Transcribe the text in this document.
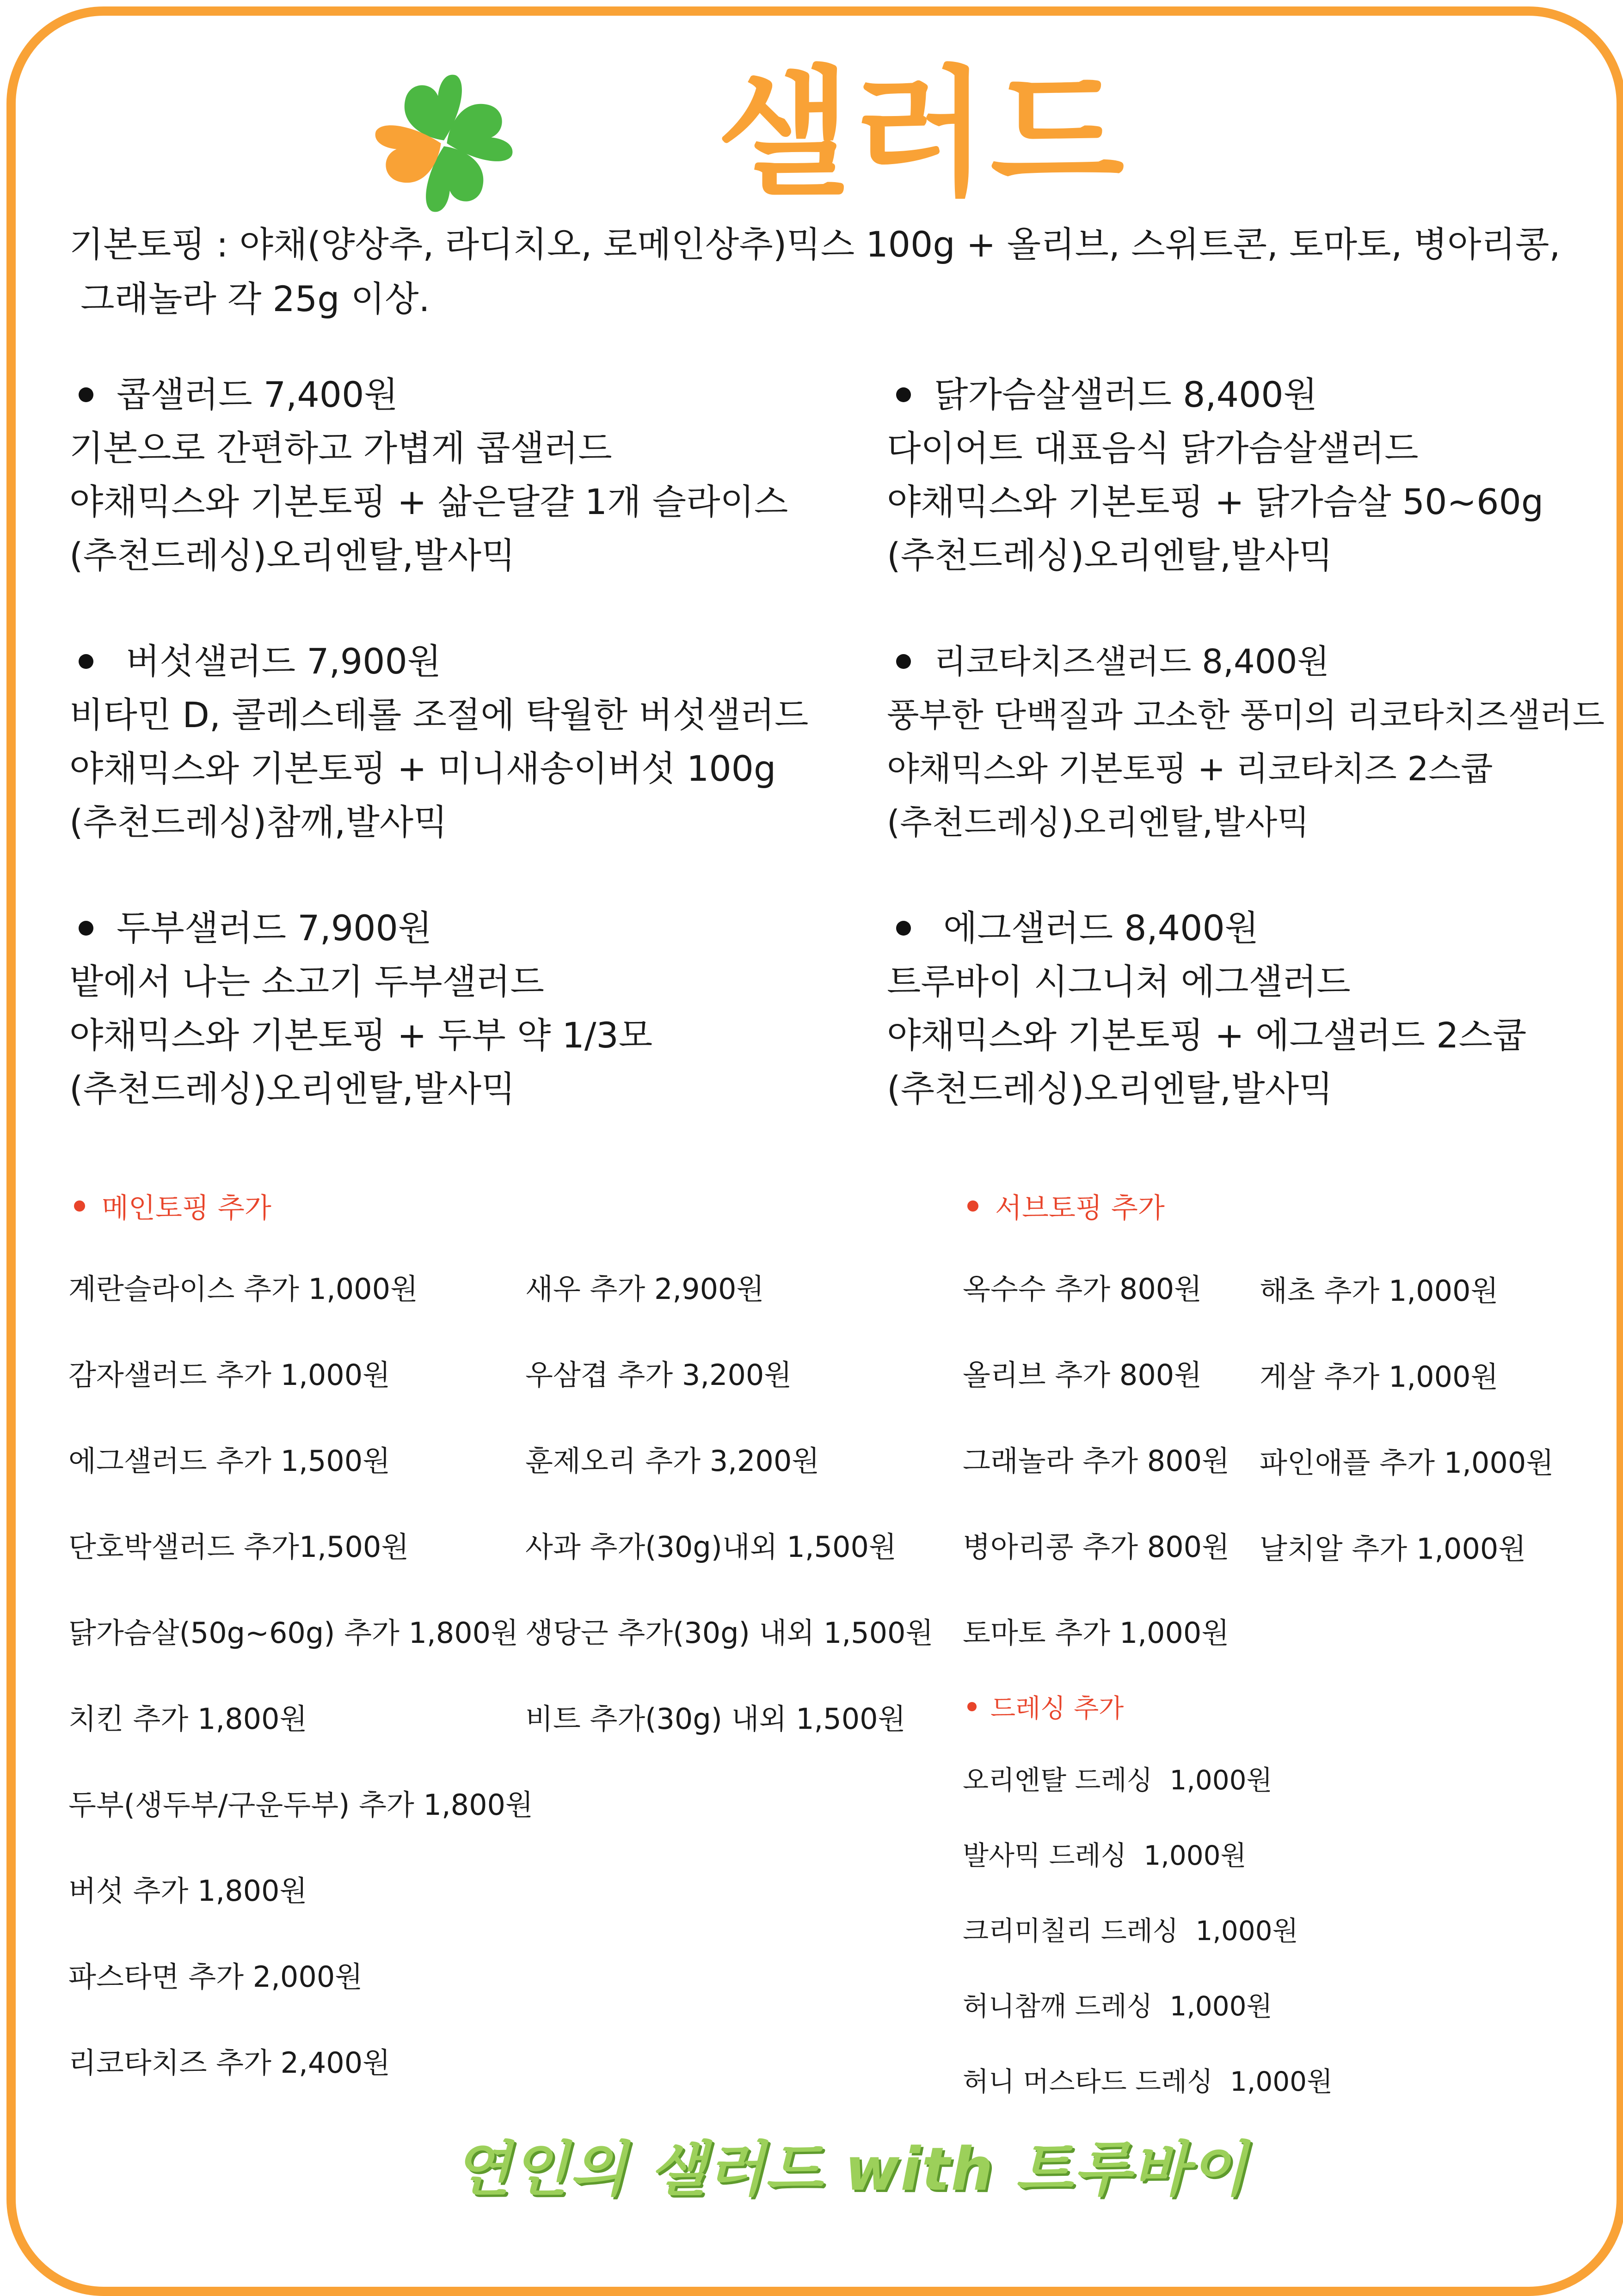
샐러드
기본토핑 : 야채(양상추, 라디치오, 로메인상추)믹스 100g + 올리브, 스위트콘, 토마토, 병아리콩,
그래놀라 각 25g 이상.
콥샐러드 7,400원
기본으로 간편하고 가볍게 콥샐러드
야채믹스와 기본토핑 + 삶은달걀 1개 슬라이스
(추천드레싱)오리엔탈,발사믹
닭가슴살샐러드 8,400원
다이어트 대표음식 닭가슴살샐러드
야채믹스와 기본토핑 + 닭가슴살 50~60g
(추천드레싱)오리엔탈,발사믹
버섯샐러드 7,900원
비타민 D, 콜레스테롤 조절에 탁월한 버섯샐러드
야채믹스와 기본토핑 + 미니새송이버섯 100g
(추천드레싱)참깨,발사믹
리코타치즈샐러드 8,400원
풍부한 단백질과 고소한 풍미의 리코타치즈샐러드
야채믹스와 기본토핑 + 리코타치즈 2스쿱
(추천드레싱)오리엔탈,발사믹
두부샐러드 7,900원
밭에서 나는 소고기 두부샐러드
야채믹스와 기본토핑 + 두부 약 1/3모
(추천드레싱)오리엔탈,발사믹
에그샐러드 8,400원
트루바이 시그니처 에그샐러드
야채믹스와 기본토핑 + 에그샐러드 2스쿱
(추천드레싱)오리엔탈,발사믹
메인토핑 추가
계란슬라이스 추가 1,000원
감자샐러드 추가 1,000원
에그샐러드 추가 1,500원
단호박샐러드 추가1,500원
닭가슴살(50g~60g) 추가 1,800원
치킨 추가 1,800원
두부(생두부/구운두부) 추가 1,800원
버섯 추가 1,800원
파스타면 추가 2,000원
리코타치즈 추가 2,400원
새우 추가 2,900원
우삼겹 추가 3,200원
훈제오리 추가 3,200원
사과 추가(30g)내외 1,500원
생당근 추가(30g) 내외 1,500원
비트 추가(30g) 내외 1,500원
서브토핑 추가
옥수수 추가 800원
올리브 추가 800원
그래놀라 추가 800원
병아리콩 추가 800원
토마토 추가 1,000원
해초 추가 1,000원
게살 추가 1,000원
파인애플 추가 1,000원
날치알 추가 1,000원
드레싱 추가
오리엔탈 드레싱  1,000원
발사믹 드레싱  1,000원
크리미칠리 드레싱  1,000원
허니참깨 드레싱  1,000원
허니 머스타드 드레싱  1,000원
연인의 샐러드 with 트루바이
